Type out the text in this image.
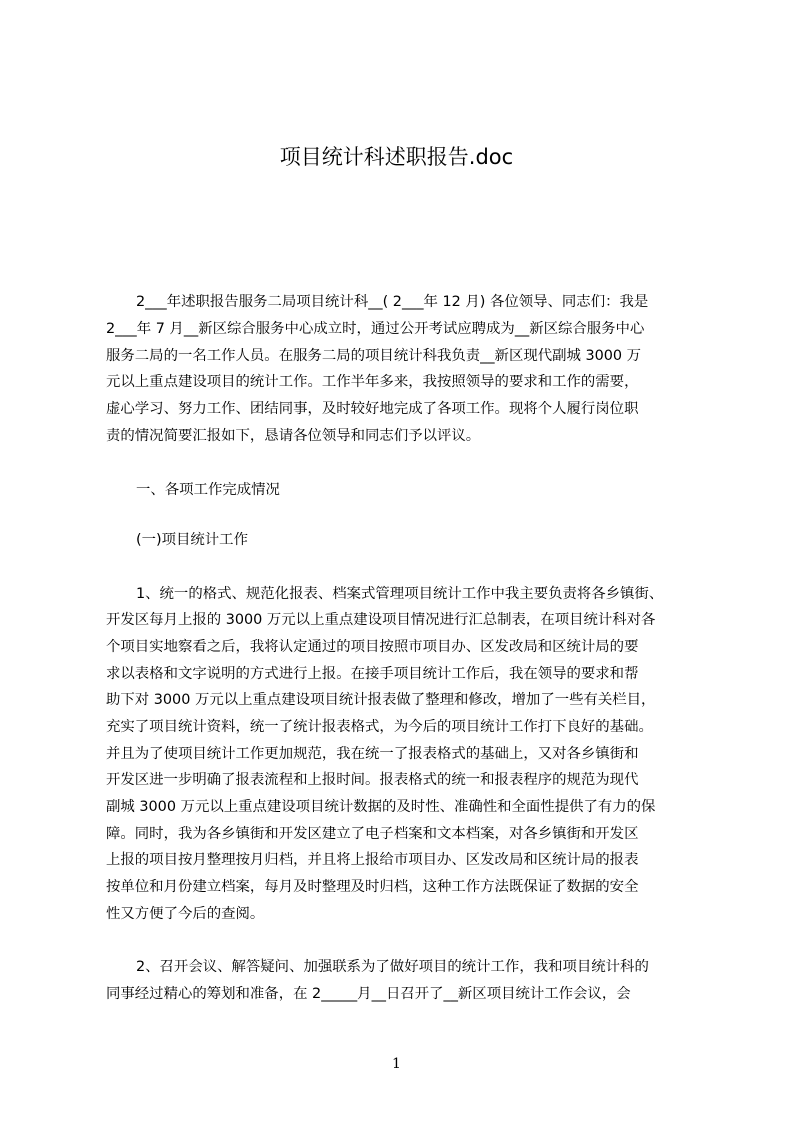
项目统计科述职报告.doc
2___年述职报告服务二局项目统计科__( 2___年 12 月) 各位领导、同志们：我是
2___年 7 月__新区综合服务中心成立时，通过公开考试应聘成为__新区综合服务中心
服务二局的一名工作人员。在服务二局的项目统计科我负责__新区现代副城 3000 万
元以上重点建设项目的统计工作。工作半年多来，我按照领导的要求和工作的需要，
虚心学习、努力工作、团结同事，及时较好地完成了各项工作。现将个人履行岗位职
责的情况简要汇报如下，恳请各位领导和同志们予以评议。
一、各项工作完成情况
(一)项目统计工作
1、统一的格式、规范化报表、档案式管理项目统计工作中我主要负责将各乡镇街、
开发区每月上报的 3000 万元以上重点建设项目情况进行汇总制表，在项目统计科对各
个项目实地察看之后，我将认定通过的项目按照市项目办、区发改局和区统计局的要
求以表格和文字说明的方式进行上报。在接手项目统计工作后，我在领导的要求和帮
助下对 3000 万元以上重点建设项目统计报表做了整理和修改，增加了一些有关栏目，
充实了项目统计资料，统一了统计报表格式，为今后的项目统计工作打下良好的基础。
并且为了使项目统计工作更加规范，我在统一了报表格式的基础上，又对各乡镇街和
开发区进一步明确了报表流程和上报时间。报表格式的统一和报表程序的规范为现代
副城 3000 万元以上重点建设项目统计数据的及时性、准确性和全面性提供了有力的保
障。同时，我为各乡镇街和开发区建立了电子档案和文本档案，对各乡镇街和开发区
上报的项目按月整理按月归档，并且将上报给市项目办、区发改局和区统计局的报表
按单位和月份建立档案，每月及时整理及时归档，这种工作方法既保证了数据的安全
性又方便了今后的查阅。
2、召开会议、解答疑问、加强联系为了做好项目的统计工作，我和项目统计科的
同事经过精心的筹划和准备，在 2_____月__日召开了__新区项目统计工作会议，会
1
